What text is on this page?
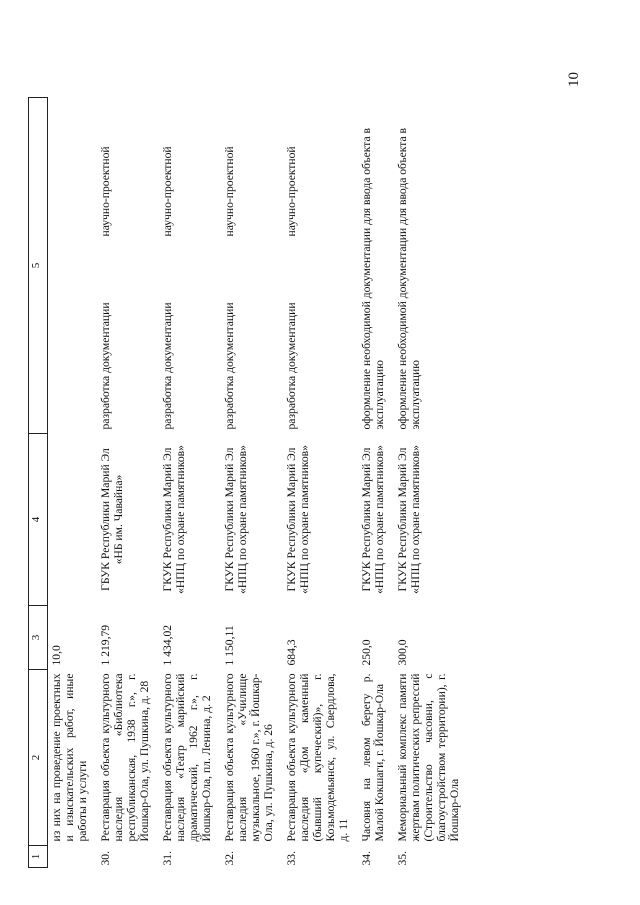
10
1	2	3	4	5	
	из них на проведение проектных и изыскательских работ, иные работы и услуги	10,0			
30.	Реставрация объекта культурного наследия «Библиотека республиканская, 1938 г.», г. Йошкар-Ола, ул. Пушкина, д. 28	1 219,79	ГБУК Республики Марий Эл «НБ им. Чавайна»	разработка документации	научно-проектной
31.	Реставрация объекта культурного наследия «Театр марийский драматический, 1962 г.», г. Йошкар-Ола, пл. Ленина, д. 2	1 434,02	ГКУК Республики Марий Эл «НПЦ по охране памятников»	разработка документации	научно-проектной
32.	Реставрация объекта культурного наследия «Училище музыкальное, 1960 г.», г. Йошкар-Ола, ул. Пушкина, д. 26	1 150,11	ГКУК Республики Марий Эл «НПЦ по охране памятников»	разработка документации	научно-проектной
33.	Реставрация объекта культурного наследия «Дом каменный (бывший купеческий)», г. Козьмодемьянск, ул. Свердлова, д. 11	684,3	ГКУК Республики Марий Эл «НПЦ по охране памятников»	разработка документации	научно-проектной
34.	Часовня на левом берегу р. Малой Кокшаги, г. Йошкар-Ола	250,0	ГКУК Республики Марий Эл «НПЦ по охране памятников»	оформление необходимой документации для ввода объекта в эксплуатацию	
35.	Мемориальный комплекс памяти жертвам политических репрессий (Строительство часовни, с благоустройством территории), г. Йошкар-Ола	300,0	ГКУК Республики Марий Эл «НПЦ по охране памятников»	оформление необходимой документации для ввода объекта в эксплуатацию	
